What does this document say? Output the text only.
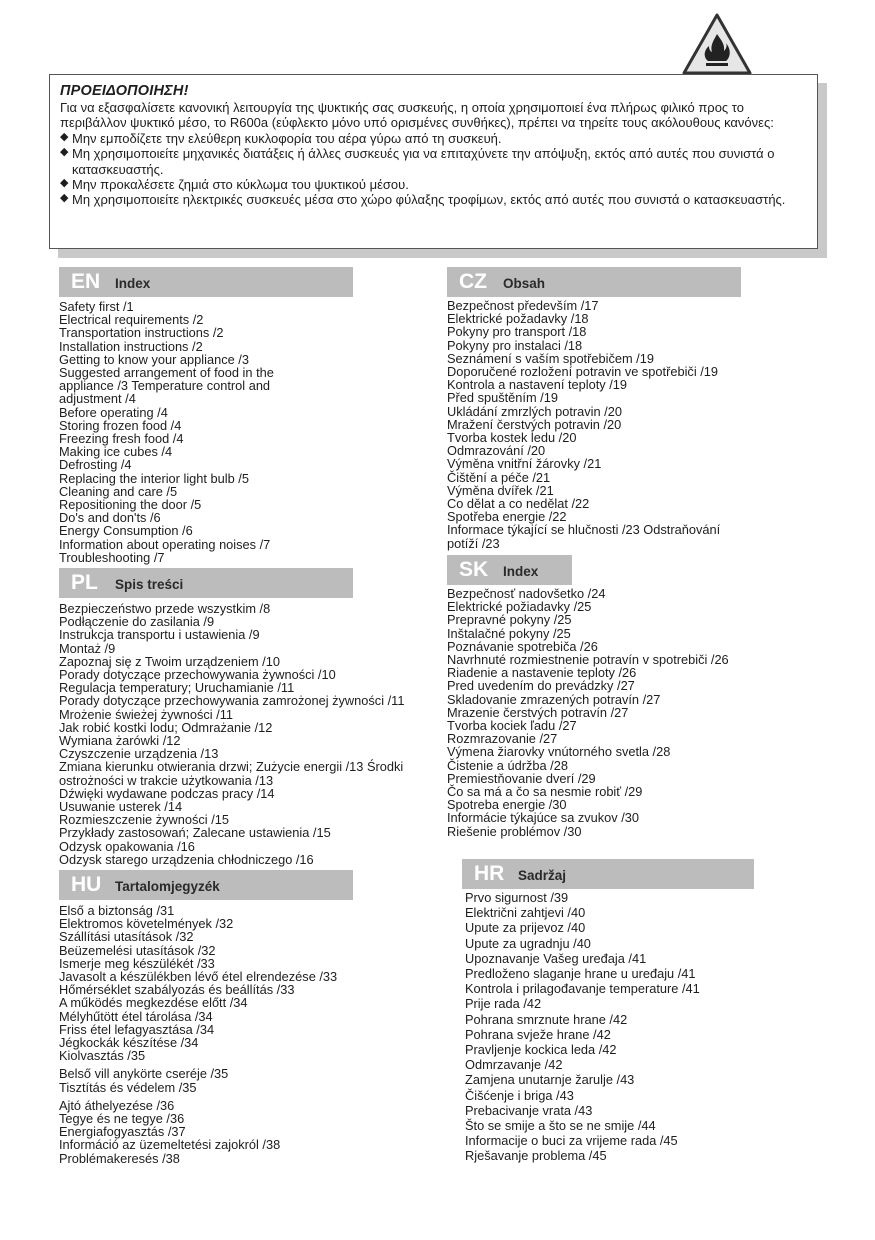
ΠΡΟΕΙΔΟΠΟΙΗΣΗ!

Για να εξασφαλίσετε κανονική λειτουργία της ψυκτικής σας συσκευής, η οποία χρησιμοποιεί ένα πλήρως φιλικό προς το περιβάλλον ψυκτικό μέσο, το R600a (εύφλεκτο μόνο υπό ορισμένες συνθήκες), πρέπει να τηρείτε τους ακόλουθους κανόνες:

◆ Μην εμποδίζετε την ελεύθερη κυκλοφορία του αέρα γύρω από τη συσκευή.
◆ Μη χρησιμοποιείτε μηχανικές διατάξεις ή άλλες συσκευές για να επιταχύνετε την απόψυξη, εκτός από αυτές που συνιστά ο κατασκευαστής.
◆ Μην προκαλέσετε ζημιά στο κύκλωμα του ψυκτικού μέσου.
◆ Μη χρησιμοποιείτε ηλεκτρικές συσκευές μέσα στο χώρο φύλαξης τροφίμων, εκτός από αυτές που συνιστά ο κατασκευαστής.
EN	Index
Safety first /1
Electrical requirements /2
Transportation instructions /2
Installation instructions /2
Getting to know your appliance /3
Suggested arrangement of food in the appliance /3 Temperature control and adjustment /4
Before operating /4
Storing frozen food /4
Freezing fresh food /4
Making ice cubes /4
Defrosting /4
Replacing the interior light bulb /5
Cleaning and care /5
Repositioning the door /5
Do's and don'ts /6
Energy Consumption /6
Information about operating noises /7
Troubleshooting /7
PL	Spis treści
Bezpieczeństwo przede wszystkim /8
Podłączenie do zasilania /9
Instrukcja transportu i ustawienia /9
Montaż /9
Zapoznaj się z Twoim urządzeniem /10
Porady dotyczące przechowywania żywności /10
Regulacja temperatury; Uruchamianie /11
Porady dotyczące przechowywania zamrożonej żywności /11
Mrożenie świeżej żywności /11
Jak robić kostki lodu; Odmrażanie /12
Wymiana żarówki /12
Czyszczenie urządzenia /13
Zmiana kierunku otwierania drzwi; Zużycie energii /13 Środki ostrożności w trakcie użytkowania /13
Dźwięki wydawane podczas pracy /14
Usuwanie usterek /14
Rozmieszczenie żywności /15
Przykłady zastosowań; Zalecane ustawienia /15
Odzysk opakowania /16
Odzysk starego urządzenia chłodniczego /16
HU	Tartalomjegyzék
Első a biztonság /31
Elektromos követelmények /32
Szállítási utasítások /32
Beüzemelési utasítások /32
Ismerje meg készülékét /33
Javasolt a készülékben lévő étel elrendezése /33
Hőmérséklet szabályozás és beállítás /33
A működés megkezdése előtt /34
Mélyhűtött étel tárolása /34
Friss étel lefagyasztása /34
Jégkockák készítése /34
Kiolvasztás /35
Belső vill anykörte cseréje /35
Tisztítás és védelem /35
Ajtó áthelyezése /36
Tegye és ne tegye /36
Energiafogyasztás /37
Információ az üzemeltetési zajokról /38
Problémakeresés /38
CZ	Obsah
Bezpečnost především /17
Elektrické požadavky /18
Pokyny pro transport /18
Pokyny pro instalaci /18
Seznámení s vaším spotřebičem /19
Doporučené rozložení potravin ve spotřebiči /19 Kontrola a nastavení teploty /19
Před spuštěním /19
Ukládání zmrzlých potravin /20
Mražení čerstvých potravin /20
Tvorba kostek ledu /20
Odmrazování /20
Výměna vnitřní žárovky /21
Čištění a péče /21
Výměna dvířek /21
Co dělat a co nedělat /22
Spotřeba energie /22
Informace týkající se hlučnosti /23 Odstraňování potíží /23
SK	Index
Bezpečnosť nadovšetko /24
Elektrické požiadavky /25
Prepravné pokyny /25
Inštalačné pokyny /25
Poznávanie spotrebiča /26
Navrhnuté rozmiestnenie potravín v spotrebiči /26
Riadenie a nastavenie teploty /26
Pred uvedením do prevádzky /27
Skladovanie zmrazených potravín /27
Mrazenie čerstvých potravín /27
Tvorba kociek ľadu /27
Rozmrazovanie /27
Výmena žiarovky vnútorného svetla /28
Čistenie a údržba /28
Premiestňovanie dverí /29
Čo sa má a čo sa nesmie robiť /29
Spotreba energie /30
Informácie týkajúce sa zvukov /30
Riešenie problémov /30
HR	Sadržaj
Prvo sigurnost /39
Električni zahtjevi /40
Upute za prijevoz /40
Upute za ugradnju /40
Upoznavanje Vašeg uređaja /41
Predloženo slaganje hrane u uređaju /41
Kontrola i prilagođavanje temperature /41
Prije rada /42
Pohrana smrznute hrane /42
Pohrana svježe hrane /42
Pravljenje kockica leda /42
Odmrzavanje /42
Zamjena unutarnje žarulje /43
Čišćenje i briga /43
Prebacivanje vrata /43
Što se smije a što se ne smije /44
Informacije o buci za vrijeme rada /45
Rješavanje problema /45
